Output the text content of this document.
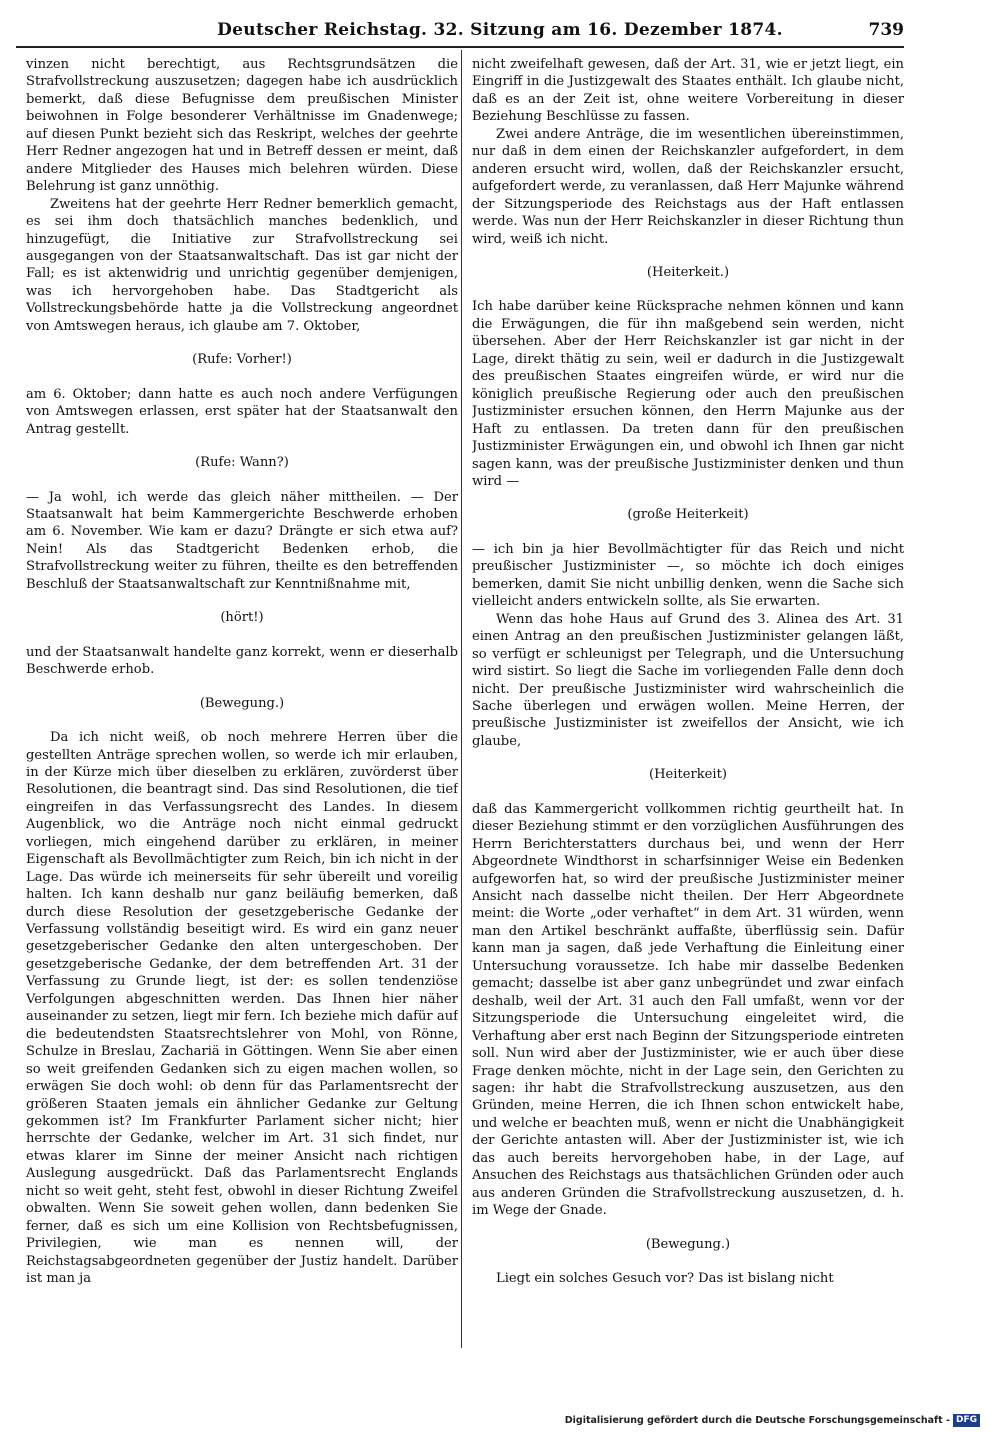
Deutscher Reichstag. 32. Sitzung am 16. Dezember 1874.	739

vinzen nicht berechtigt, aus Rechtsgrundsätzen die Strafvollstreckung auszusetzen; dagegen habe ich ausdrücklich bemerkt, daß diese Befugnisse dem preußischen Minister beiwohnen in Folge besonderer Verhältnisse im Gnadenwege; auf diesen Punkt bezieht sich das Reskript, welches der geehrte Herr Redner angezogen hat und in Betreff dessen er meint, daß andere Mitglieder des Hauses mich belehren würden. Diese Belehrung ist ganz unnöthig.

Zweitens hat der geehrte Herr Redner bemerklich gemacht, es sei ihm doch thatsächlich manches bedenklich, und hinzugefügt, die Initiative zur Strafvollstreckung sei ausgegangen von der Staatsanwaltschaft. Das ist gar nicht der Fall; es ist aktenwidrig und unrichtig gegenüber demjenigen, was ich hervorgehoben habe. Das Stadtgericht als Vollstreckungsbehörde hatte ja die Vollstreckung angeordnet von Amtswegen heraus, ich glaube am 7. Oktober,

(Rufe: Vorher!)

am 6. Oktober; dann hatte es auch noch andere Verfügungen von Amtswegen erlassen, erst später hat der Staatsanwalt den Antrag gestellt.

(Rufe: Wann?)

— Ja wohl, ich werde das gleich näher mittheilen. — Der Staatsanwalt hat beim Kammergerichte Beschwerde erhoben am 6. November. Wie kam er dazu? Drängte er sich etwa auf? Nein! Als das Stadtgericht Bedenken erhob, die Strafvollstreckung weiter zu führen, theilte es den betreffenden Beschluß der Staatsanwaltschaft zur Kenntnißnahme mit,

(hört!)

und der Staatsanwalt handelte ganz korrekt, wenn er dieserhalb Beschwerde erhob.

(Bewegung.)

Da ich nicht weiß, ob noch mehrere Herren über die gestellten Anträge sprechen wollen, so werde ich mir erlauben, in der Kürze mich über dieselben zu erklären, zuvörderst über Resolutionen, die beantragt sind. Das sind Resolutionen, die tief eingreifen in das Verfassungsrecht des Landes. In diesem Augenblick, wo die Anträge noch nicht einmal gedruckt vorliegen, mich eingehend darüber zu erklären, in meiner Eigenschaft als Bevollmächtigter zum Reich, bin ich nicht in der Lage. Das würde ich meinerseits für sehr übereilt und voreilig halten. Ich kann deshalb nur ganz beiläufig bemerken, daß durch diese Resolution der gesetzgeberische Gedanke der Verfassung vollständig beseitigt wird. Es wird ein ganz neuer gesetzgeberischer Gedanke den alten untergeschoben. Der gesetzgeberische Gedanke, der dem betreffenden Art. 31 der Verfassung zu Grunde liegt, ist der: es sollen tendenziöse Verfolgungen abgeschnitten werden. Das Ihnen hier näher auseinander zu setzen, liegt mir fern. Ich beziehe mich dafür auf die bedeutendsten Staatsrechtslehrer von Mohl, von Rönne, Schulze in Breslau, Zachariä in Göttingen. Wenn Sie aber einen so weit greifenden Gedanken sich zu eigen machen wollen, so erwägen Sie doch wohl: ob denn für das Parlamentsrecht der größeren Staaten jemals ein ähnlicher Gedanke zur Geltung gekommen ist? Im Frankfurter Parlament sicher nicht; hier herrschte der Gedanke, welcher im Art. 31 sich findet, nur etwas klarer im Sinne der meiner Ansicht nach richtigen Auslegung ausgedrückt. Daß das Parlamentsrecht Englands nicht so weit geht, steht fest, obwohl in dieser Richtung Zweifel obwalten. Wenn Sie soweit gehen wollen, dann bedenken Sie ferner, daß es sich um eine Kollision von Rechtsbefugnissen, Privilegien, wie man es nennen will, der Reichstagsabgeordneten gegenüber der Justiz handelt. Darüber ist man ja

nicht zweifelhaft gewesen, daß der Art. 31, wie er jetzt liegt, ein Eingriff in die Justizgewalt des Staates enthält. Ich glaube nicht, daß es an der Zeit ist, ohne weitere Vorbereitung in dieser Beziehung Beschlüsse zu fassen.

Zwei andere Anträge, die im wesentlichen übereinstimmen, nur daß in dem einen der Reichskanzler aufgefordert, in dem anderen ersucht wird, wollen, daß der Reichskanzler ersucht, aufgefordert werde, zu veranlassen, daß Herr Majunke während der Sitzungsperiode des Reichstags aus der Haft entlassen werde. Was nun der Herr Reichskanzler in dieser Richtung thun wird, weiß ich nicht.

(Heiterkeit.)

Ich habe darüber keine Rücksprache nehmen können und kann die Erwägungen, die für ihn maßgebend sein werden, nicht übersehen. Aber der Herr Reichskanzler ist gar nicht in der Lage, direkt thätig zu sein, weil er dadurch in die Justizgewalt des preußischen Staates eingreifen würde, er wird nur die königlich preußische Regierung oder auch den preußischen Justizminister ersuchen können, den Herrn Majunke aus der Haft zu entlassen. Da treten dann für den preußischen Justizminister Erwägungen ein, und obwohl ich Ihnen gar nicht sagen kann, was der preußische Justizminister denken und thun wird —

(große Heiterkeit)

— ich bin ja hier Bevollmächtigter für das Reich und nicht preußischer Justizminister —, so möchte ich doch einiges bemerken, damit Sie nicht unbillig denken, wenn die Sache sich vielleicht anders entwickeln sollte, als Sie erwarten.

Wenn das hohe Haus auf Grund des 3. Alinea des Art. 31 einen Antrag an den preußischen Justizminister gelangen läßt, so verfügt er schleunigst per Telegraph, und die Untersuchung wird sistirt. So liegt die Sache im vorliegenden Falle denn doch nicht. Der preußische Justizminister wird wahrscheinlich die Sache überlegen und erwägen wollen. Meine Herren, der preußische Justizminister ist zweifellos der Ansicht, wie ich glaube,

(Heiterkeit)

daß das Kammergericht vollkommen richtig geurtheilt hat. In dieser Beziehung stimmt er den vorzüglichen Ausführungen des Herrn Berichterstatters durchaus bei, und wenn der Herr Abgeordnete Windthorst in scharfsinniger Weise ein Bedenken aufgeworfen hat, so wird der preußische Justizminister meiner Ansicht nach dasselbe nicht theilen. Der Herr Abgeordnete meint: die Worte „oder verhaftet“ in dem Art. 31 würden, wenn man den Artikel beschränkt auffaßte, überflüssig sein. Dafür kann man ja sagen, daß jede Verhaftung die Einleitung einer Untersuchung voraussetze. Ich habe mir dasselbe Bedenken gemacht; dasselbe ist aber ganz unbegründet und zwar einfach deshalb, weil der Art. 31 auch den Fall umfaßt, wenn vor der Sitzungsperiode die Untersuchung eingeleitet wird, die Verhaftung aber erst nach Beginn der Sitzungsperiode eintreten soll. Nun wird aber der Justizminister, wie er auch über diese Frage denken möchte, nicht in der Lage sein, den Gerichten zu sagen: ihr habt die Strafvollstreckung auszusetzen, aus den Gründen, meine Herren, die ich Ihnen schon entwickelt habe, und welche er beachten muß, wenn er nicht die Unabhängigkeit der Gerichte antasten will. Aber der Justizminister ist, wie ich das auch bereits hervorgehoben habe, in der Lage, auf Ansuchen des Reichstags aus thatsächlichen Gründen oder auch aus anderen Gründen die Strafvollstreckung auszusetzen, d. h. im Wege der Gnade.

(Bewegung.)

Liegt ein solches Gesuch vor? Das ist bislang nicht

Digitalisierung gefördert durch die Deutsche Forschungsgemeinschaft - DFG
